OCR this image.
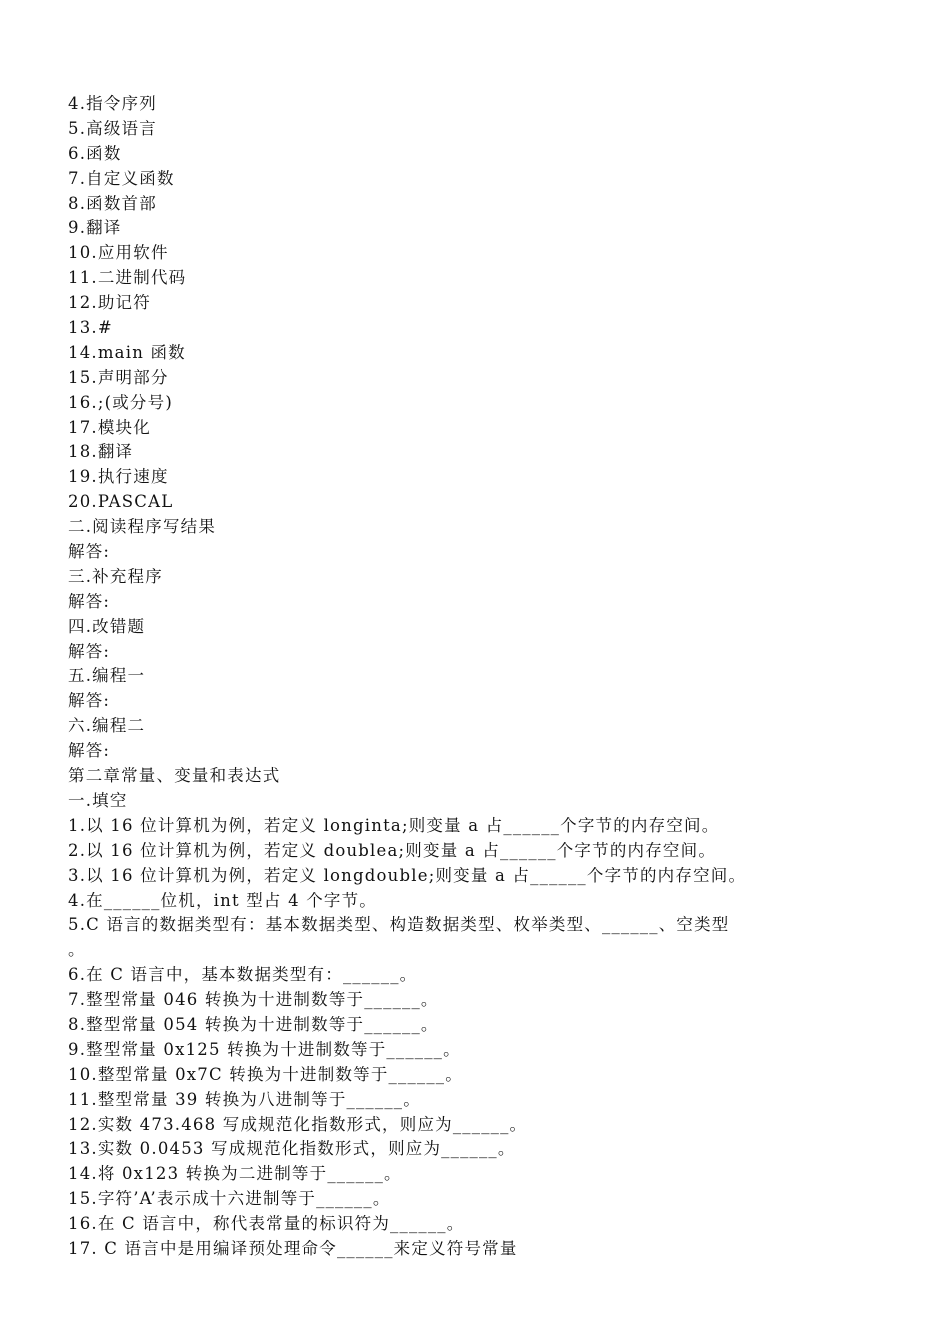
4.指令序列
5.高级语言
6.函数
7.自定义函数
8.函数首部
9.翻译
10.应用软件
11.二进制代码
12.助记符
13.#
14.main 函数
15.声明部分
16.;(或分号)
17.模块化
18.翻译
19.执行速度
20.PASCAL
二.阅读程序写结果
解答:
三.补充程序
解答:
四.改错题
解答:
五.编程一
解答:
六.编程二
解答:
第二章常量、变量和表达式
一.填空
1.以 16 位计算机为例，若定义 longinta;则变量 a 占______个字节的内存空间。
2.以 16 位计算机为例，若定义 doublea;则变量 a 占______个字节的内存空间。
3.以 16 位计算机为例，若定义 longdouble;则变量 a 占______个字节的内存空间。
4.在______位机，int 型占 4 个字节。
5.C 语言的数据类型有：基本数据类型、构造数据类型、枚举类型、______、空类型
。
6.在 C 语言中，基本数据类型有：______。
7.整型常量 046 转换为十进制数等于______。
8.整型常量 054 转换为十进制数等于______。
9.整型常量 0x125 转换为十进制数等于______。
10.整型常量 0x7C 转换为十进制数等于______。
11.整型常量 39 转换为八进制等于______。
12.实数 473.468 写成规范化指数形式，则应为______。
13.实数 0.0453 写成规范化指数形式，则应为______。
14.将 0x123 转换为二进制等于______。
15.字符’A’表示成十六进制等于______。
16.在 C 语言中，称代表常量的标识符为______。
17. C 语言中是用编译预处理命令______来定义符号常量
